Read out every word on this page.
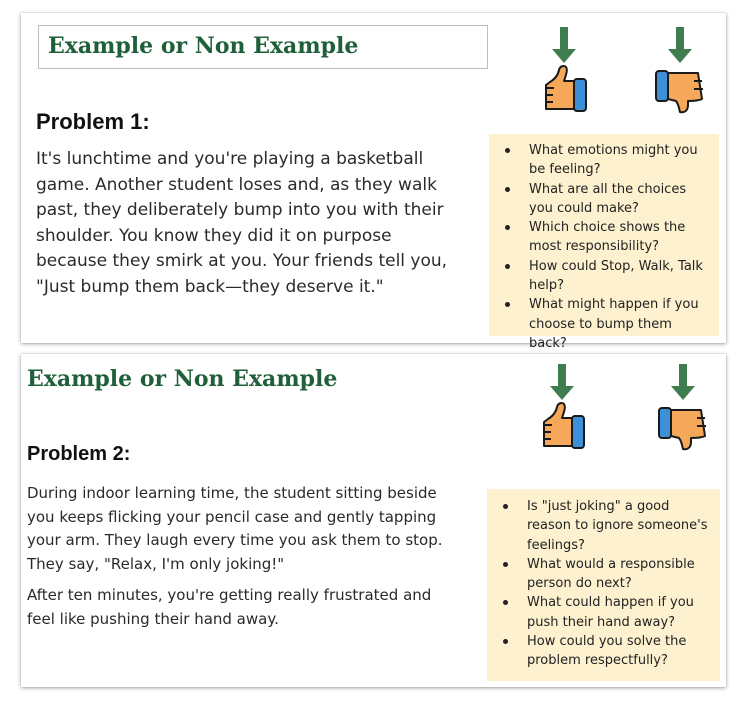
Example or Non Example
Problem 1:

It's lunchtime and you're playing a basketball game. Another student loses and, as they walk past, they deliberately bump into you with their shoulder. You know they did it on purpose because they smirk at you. Your friends tell you, "Just bump them back—they deserve it."

What emotions might you be feeling?
What are all the choices you could make?
Which choice shows the most responsibility?
How could Stop, Walk, Talk help?
What might happen if you choose to bump them back?
Example or Non Example
Problem 2:

During indoor learning time, the student sitting beside you keeps flicking your pencil case and gently tapping your arm. They laugh every time you ask them to stop. They say, "Relax, I'm only joking!"

After ten minutes, you're getting really frustrated and feel like pushing their hand away.

Is "just joking" a good reason to ignore someone's feelings?
What would a responsible person do next?
What could happen if you push their hand away?
How could you solve the problem respectfully?
